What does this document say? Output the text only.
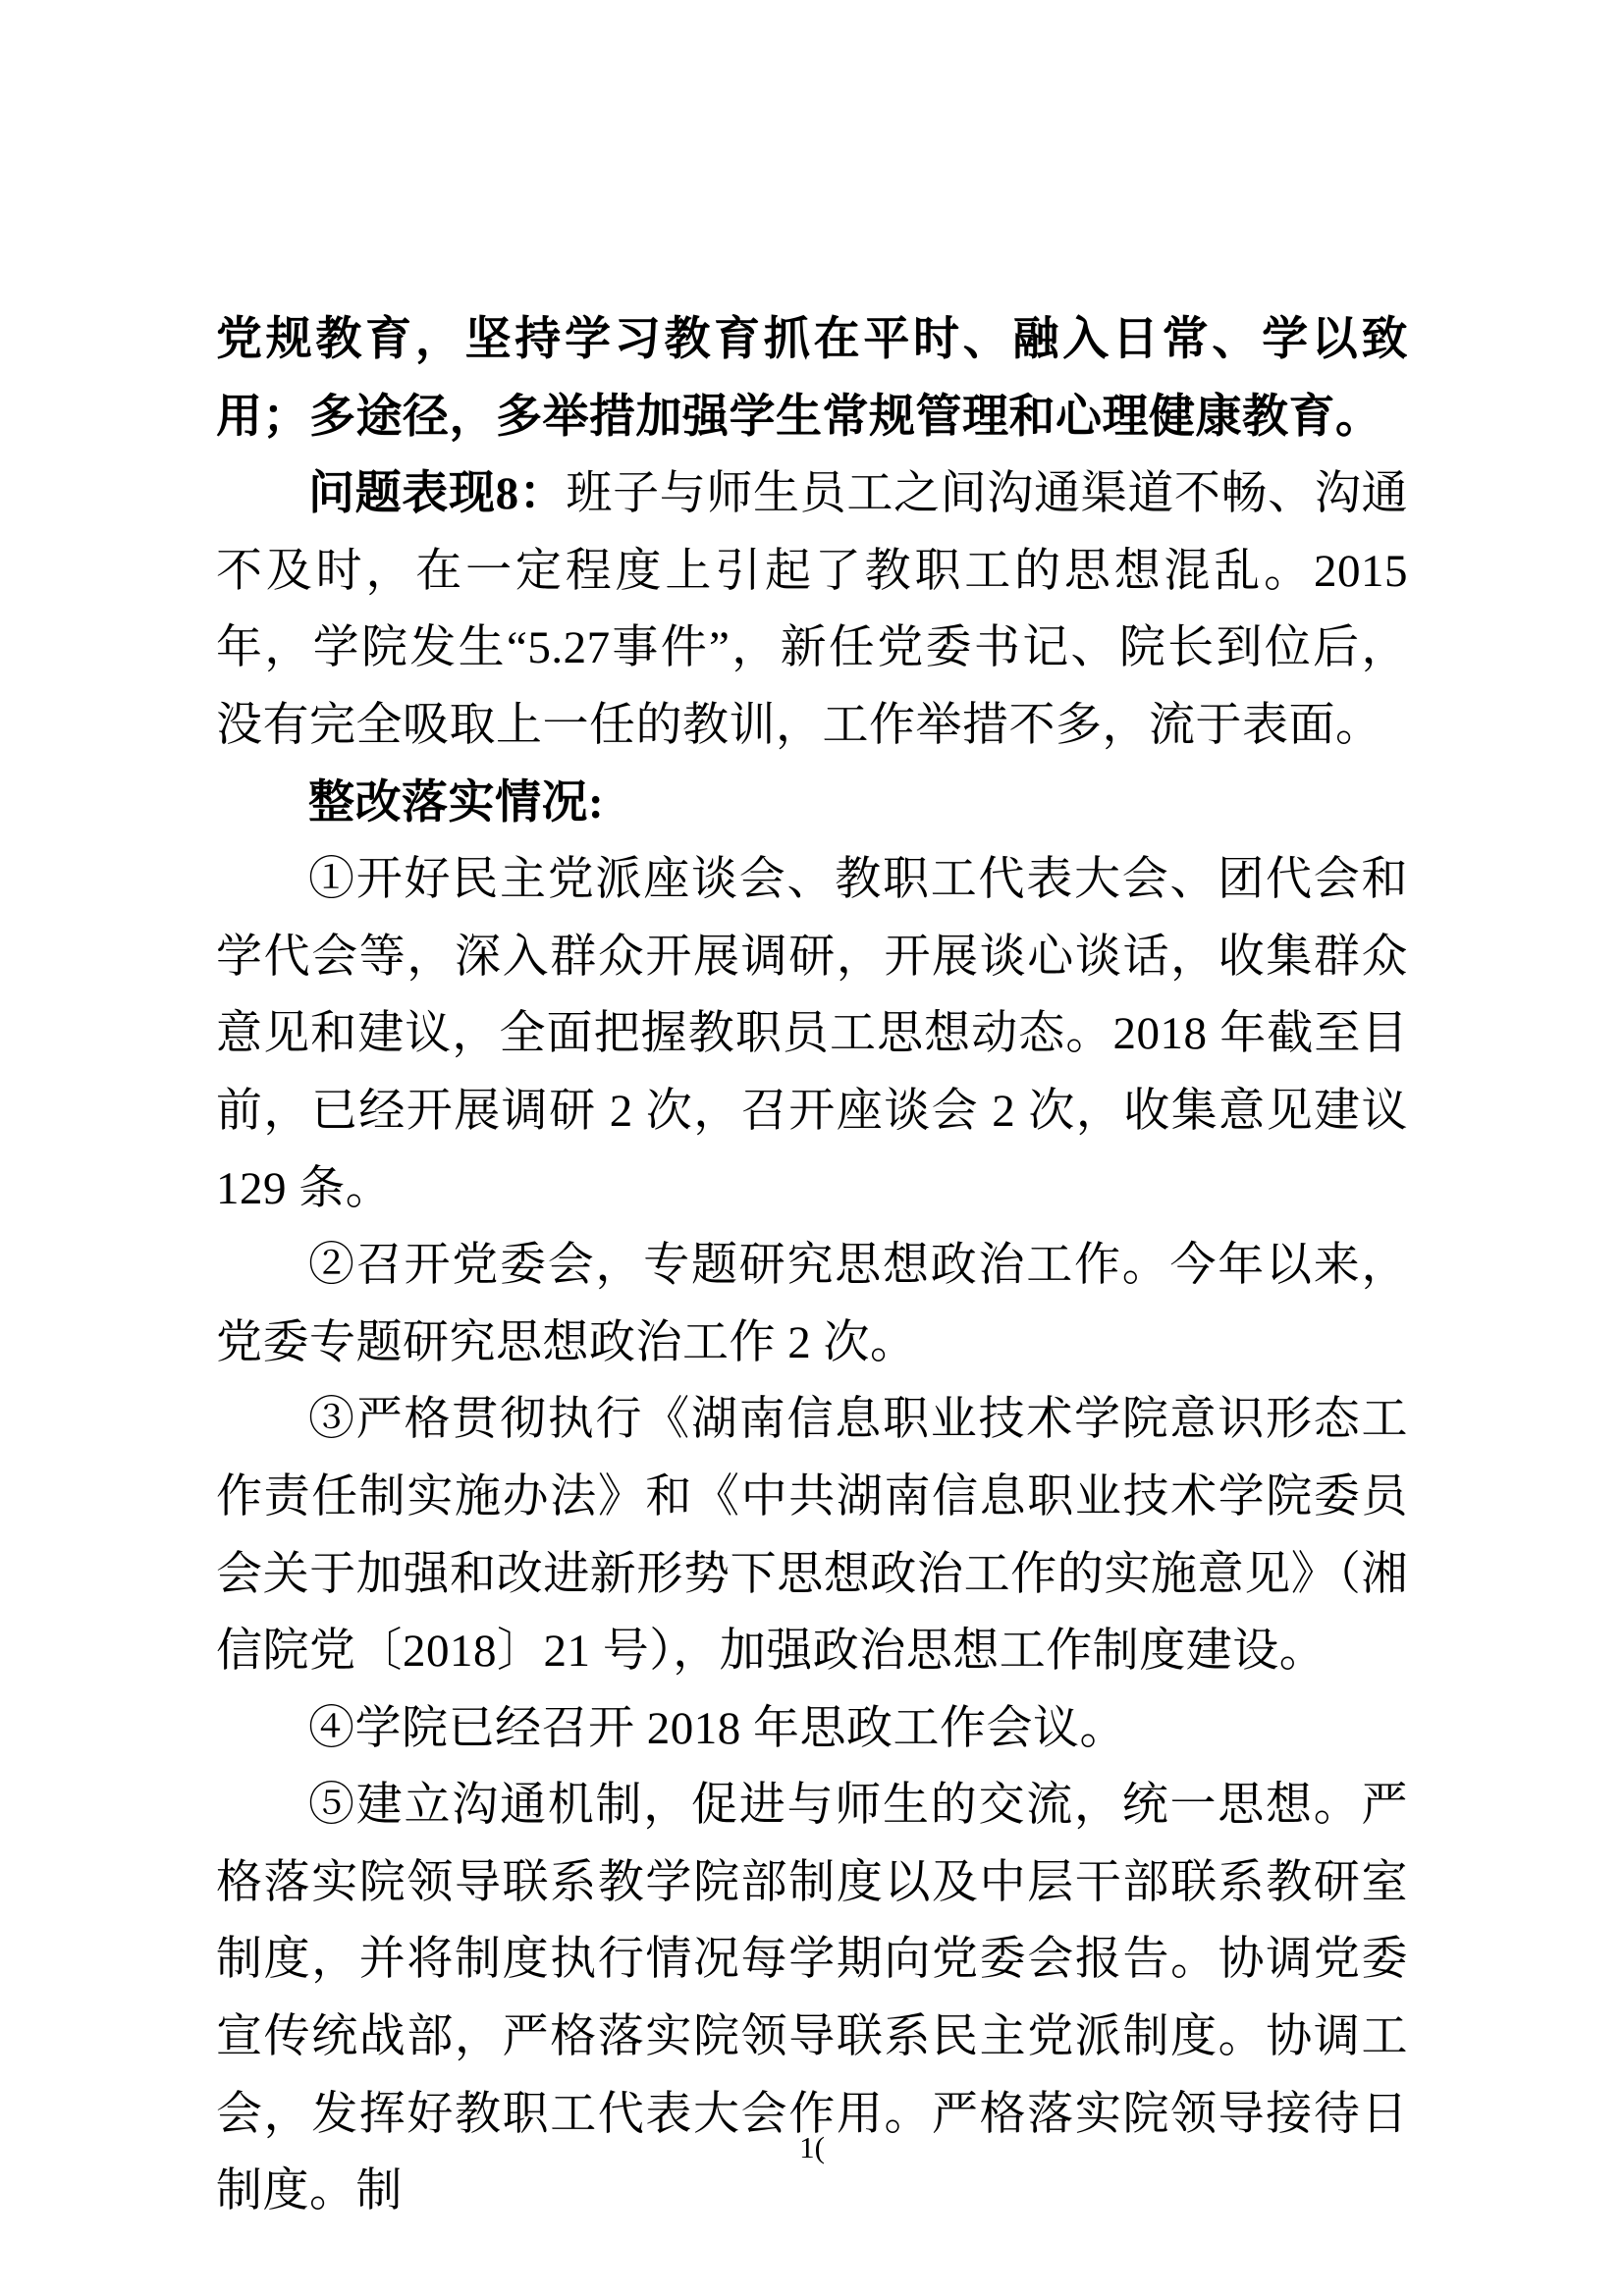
党规教育，坚持学习教育抓在平时、融入日常、学以致用；多途径，多举措加强学生常规管理和心理健康教育。

问题表现8：班子与师生员工之间沟通渠道不畅、沟通不及时，在一定程度上引起了教职工的思想混乱。2015年，学院发生“5.27事件”，新任党委书记、院长到位后，没有完全吸取上一任的教训，工作举措不多，流于表面。

整改落实情况:

①开好民主党派座谈会、教职工代表大会、团代会和学代会等，深入群众开展调研，开展谈心谈话，收集群众意见和建议，全面把握教职员工思想动态。2018 年截至目前，已经开展调研 2 次，召开座谈会 2 次，收集意见建议 129 条。

②召开党委会，专题研究思想政治工作。今年以来，党委专题研究思想政治工作 2 次。

③严格贯彻执行《湖南信息职业技术学院意识形态工作责任制实施办法》和《中共湖南信息职业技术学院委员会关于加强和改进新形势下思想政治工作的实施意见》（湘信院党〔2018〕21 号），加强政治思想工作制度建设。

④学院已经召开 2018 年思政工作会议。

⑤建立沟通机制，促进与师生的交流，统一思想。严格落实院领导联系教学院部制度以及中层干部联系教研室制度，并将制度执行情况每学期向党委会报告。协调党委宣传统战部，严格落实院领导联系民主党派制度。协调工会，发挥好教职工代表大会作用。严格落实院领导接待日制度。制

1(
